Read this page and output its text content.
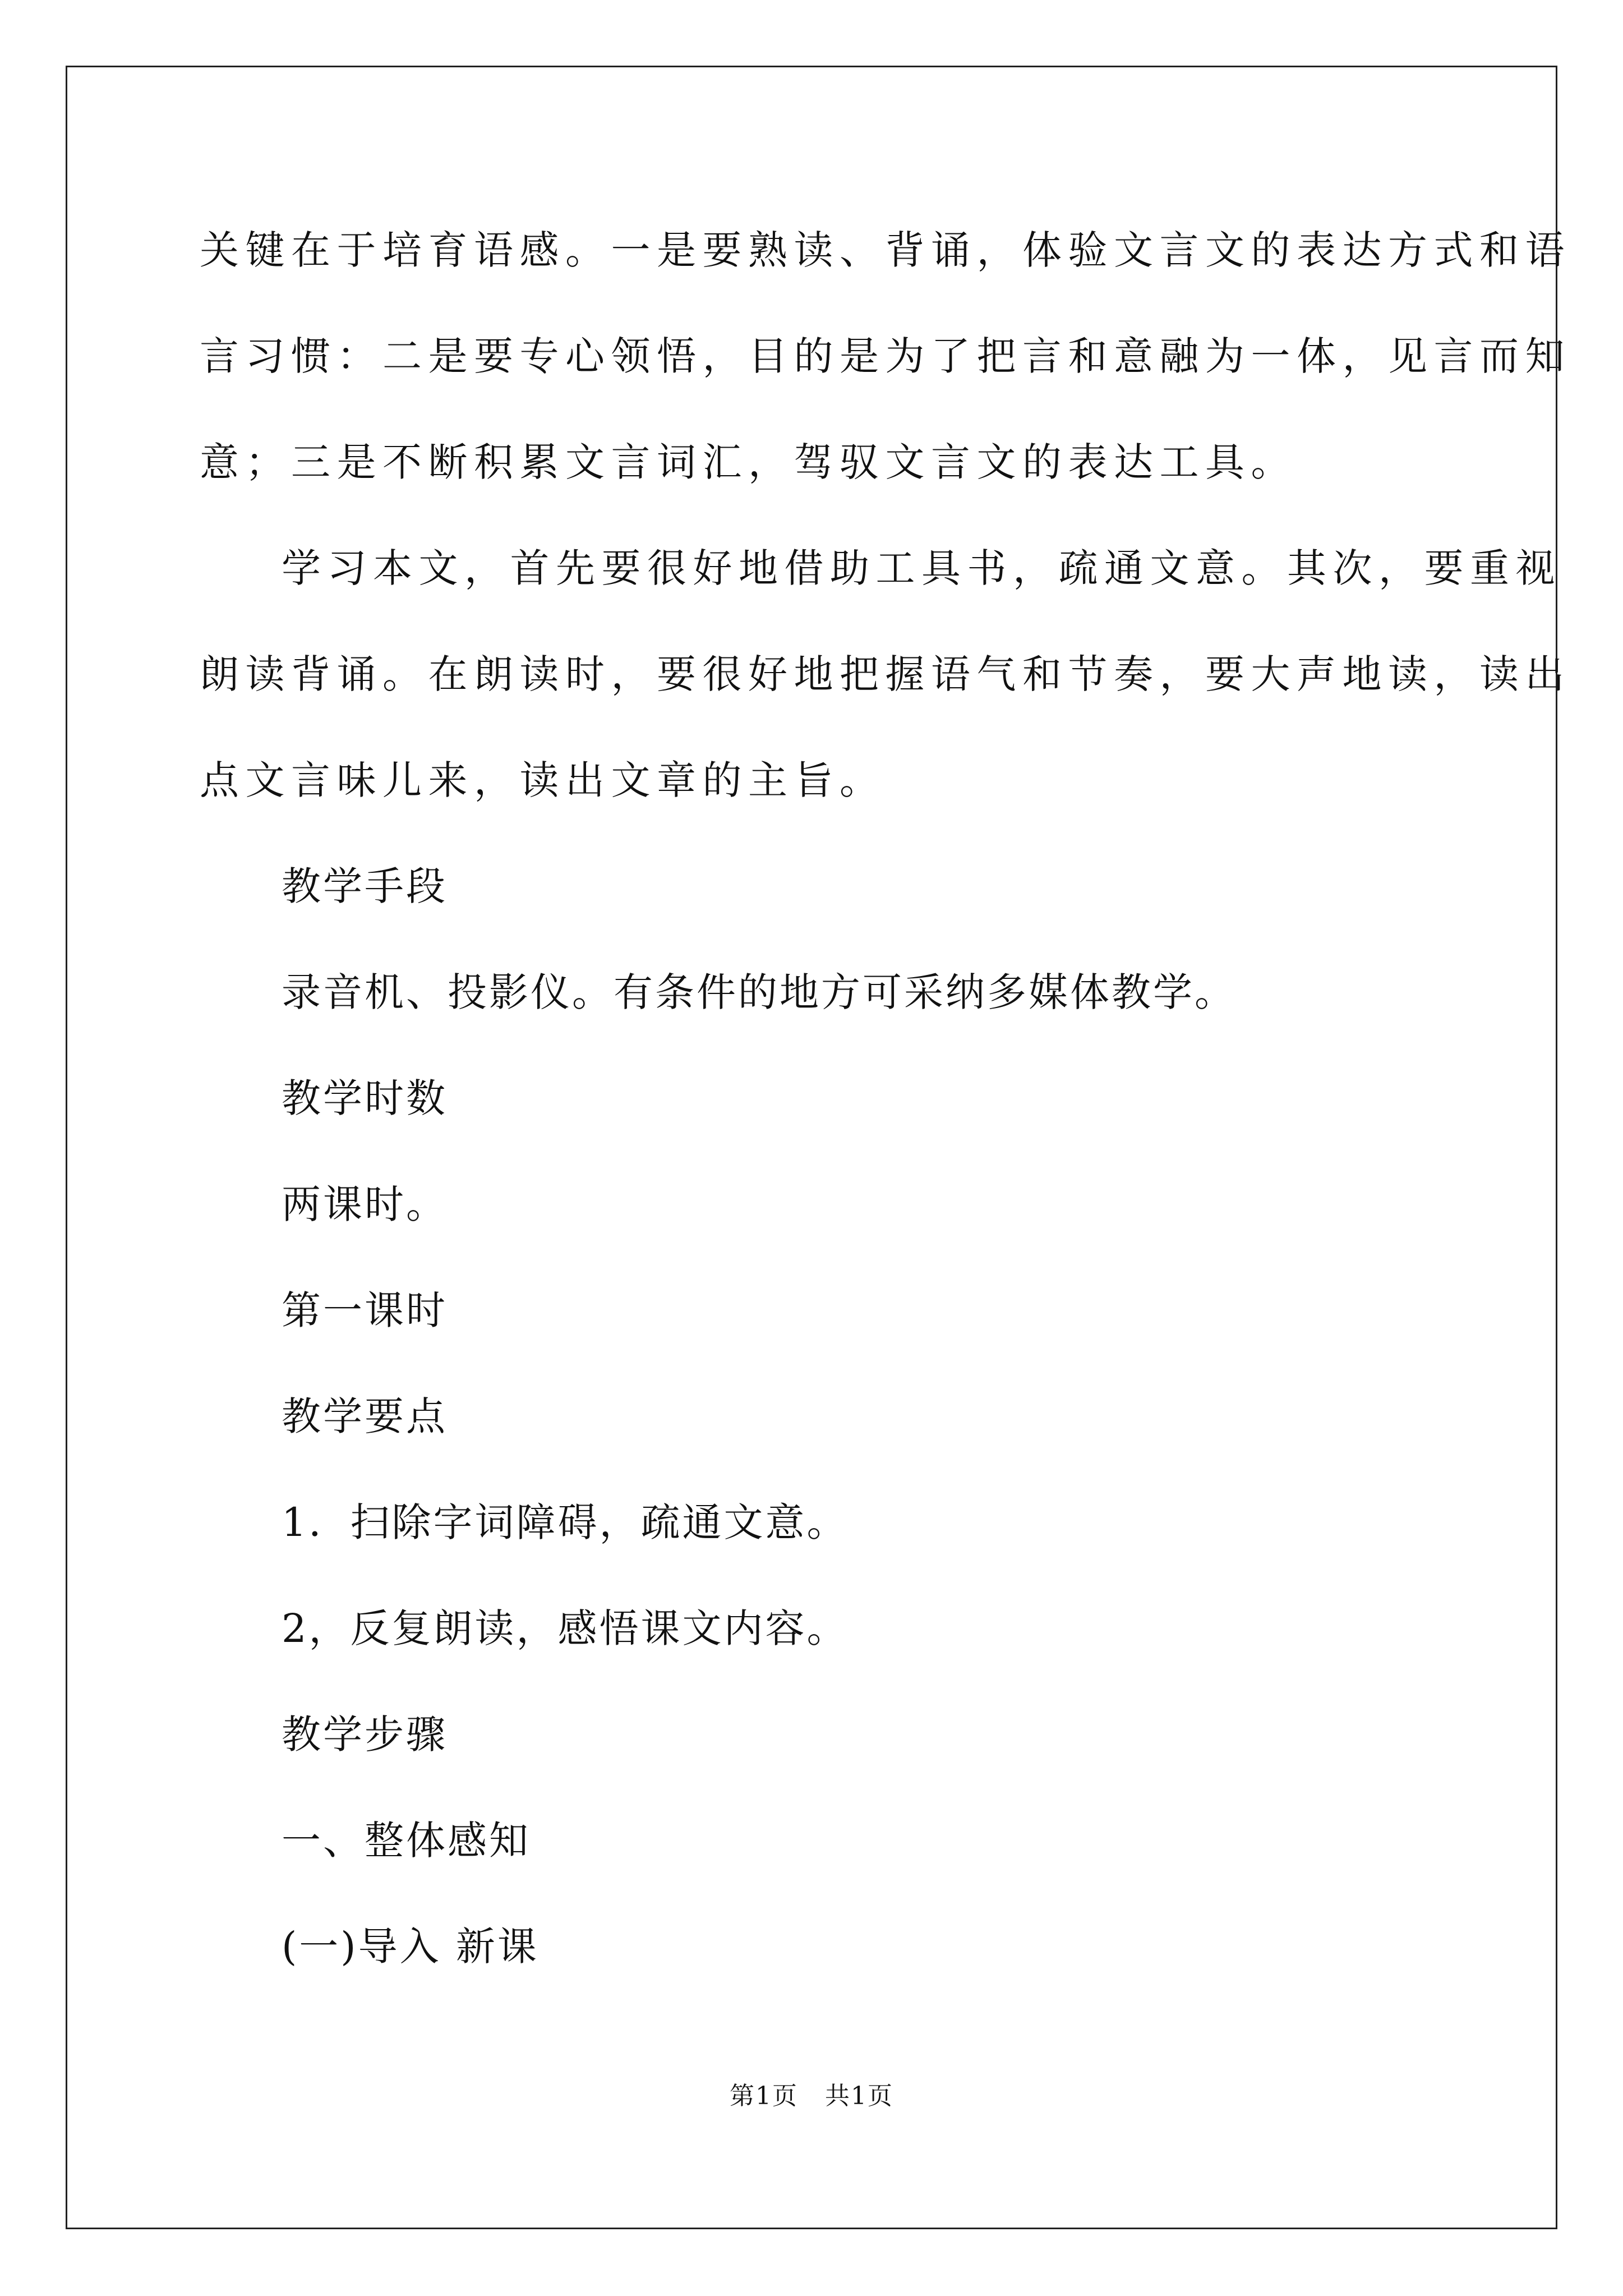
关键在于培育语感。一是要熟读、背诵，体验文言文的表达方式和语
言习惯：二是要专心领悟，目的是为了把言和意融为一体，见言而知
意；三是不断积累文言词汇，驾驭文言文的表达工具。
学习本文，首先要很好地借助工具书，疏通文意。其次，要重视
朗读背诵。在朗读时，要很好地把握语气和节奏，要大声地读，读出
点文言味儿来，读出文章的主旨。
教学手段
录音机、投影仪。有条件的地方可采纳多媒体教学。
教学时数
两课时。
第一课时
教学要点
1．扫除字词障碍，疏通文意。
2，反复朗读，感悟课文内容。
教学步骤
一、整体感知
(一)导入 新课
第1页   共1页
